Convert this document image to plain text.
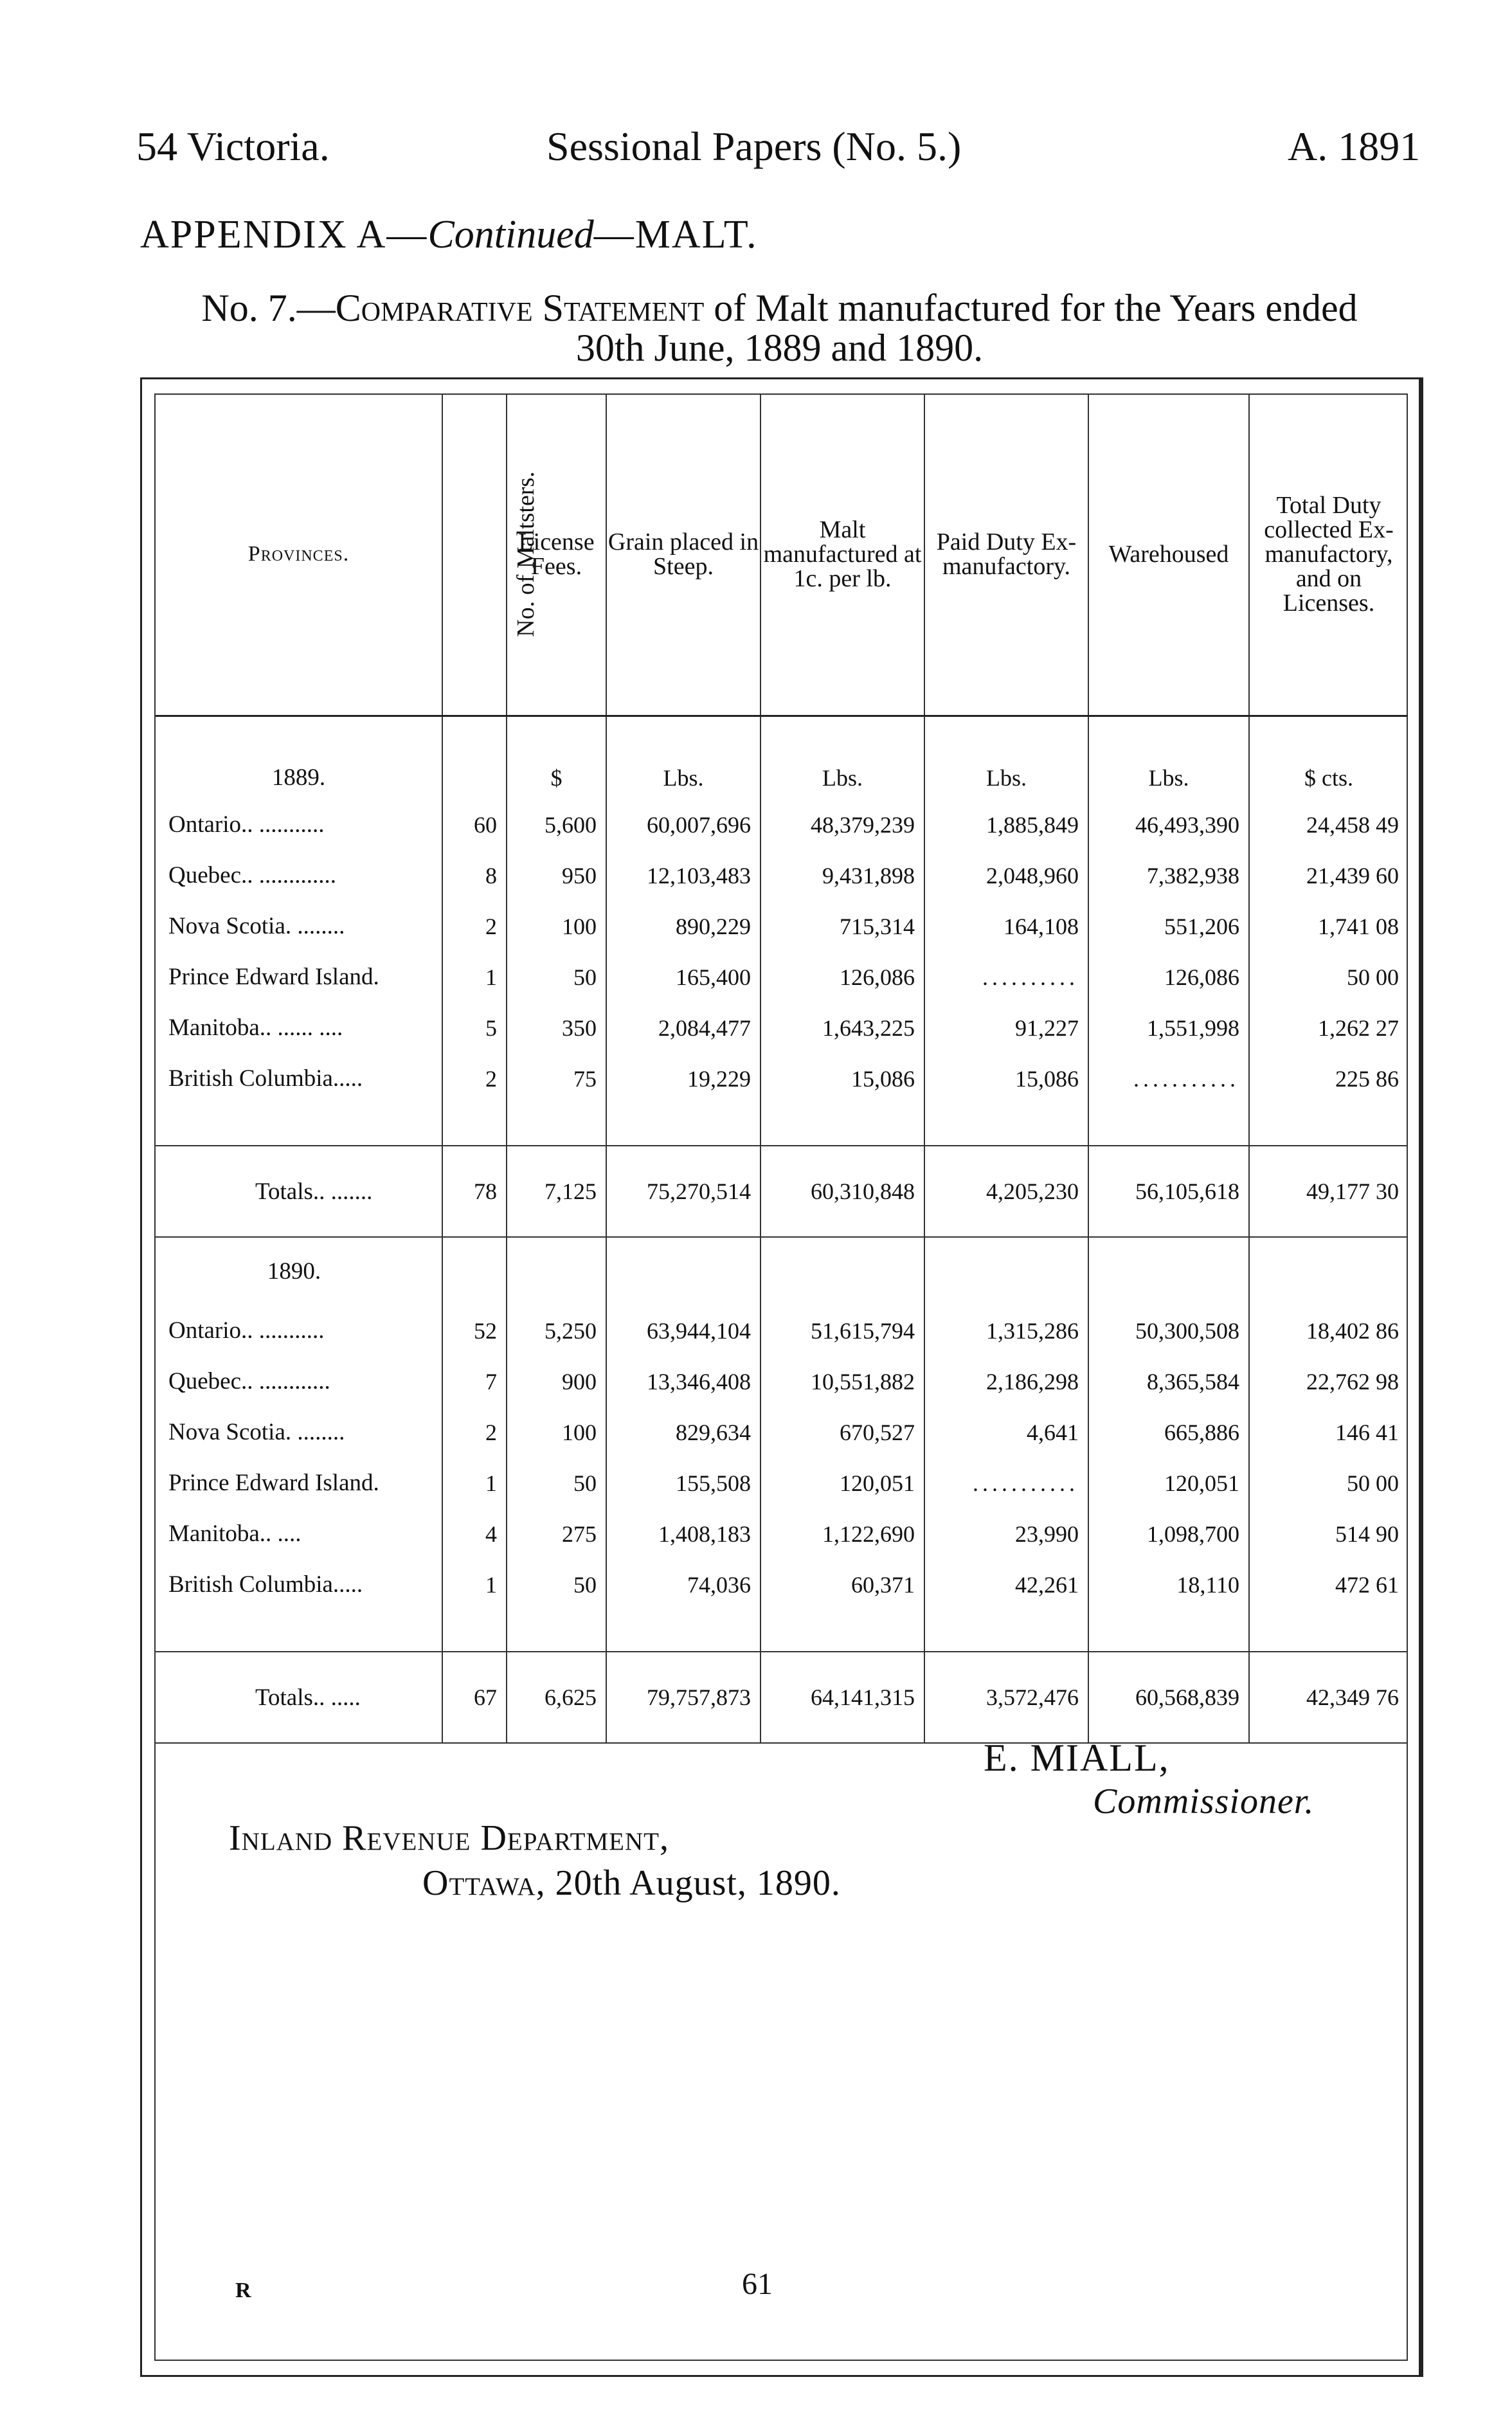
54 Victoria.	Sessional Papers (No. 5.)	A. 1891
APPENDIX A—Continued—MALT.
No. 7.—Comparative Statement of Malt manufactured for the Years ended
30th June, 1889 and 1890.
Provinces.	No. of Maltsters.	License Fees.	Grain placed in Steep.	Malt manufactured at 1c. per lb.	Paid Duty Ex-manufactory.	Warehoused	Total Duty collected Ex-manufactory, and on Licenses.
1889.		$	Lbs.	Lbs.	Lbs.	Lbs.	$ cts.
Ontario.. ...........	60	5,600	60,007,696	48,379,239	1,885,849	46,493,390	24,458 49
Quebec.. .............	8	950	12,103,483	9,431,898	2,048,960	7,382,938	21,439 60
Nova Scotia. ........	2	100	890,229	715,314	164,108	551,206	1,741 08
Prince Edward Island.	1	50	165,400	126,086	..........	126,086	50 00
Manitoba.. ...... ....	5	350	2,084,477	1,643,225	91,227	1,551,998	1,262 27
British Columbia.....	2	75	19,229	15,086	15,086	...........	225 86

Totals.. .......	78	7,125	75,270,514	60,310,848	4,205,230	56,105,618	49,177 30
1890.							
Ontario.. ...........	52	5,250	63,944,104	51,615,794	1,315,286	50,300,508	18,402 86
Quebec.. ............	7	900	13,346,408	10,551,882	2,186,298	8,365,584	22,762 98
Nova Scotia. ........	2	100	829,634	670,527	4,641	665,886	146 41
Prince Edward Island.	1	50	155,508	120,051	...........	120,051	50 00
Manitoba.. ....	4	275	1,408,183	1,122,690	23,990	1,098,700	514 90
British Columbia.....	1	50	74,036	60,371	42,261	18,110	472 61

Totals.. .....	67	6,625	79,757,873	64,141,315	3,572,476	60,568,839	42,349 76
E. MIALL,
Commissioner.
Inland Revenue Department,
Ottawa, 20th August, 1890.
R	61
